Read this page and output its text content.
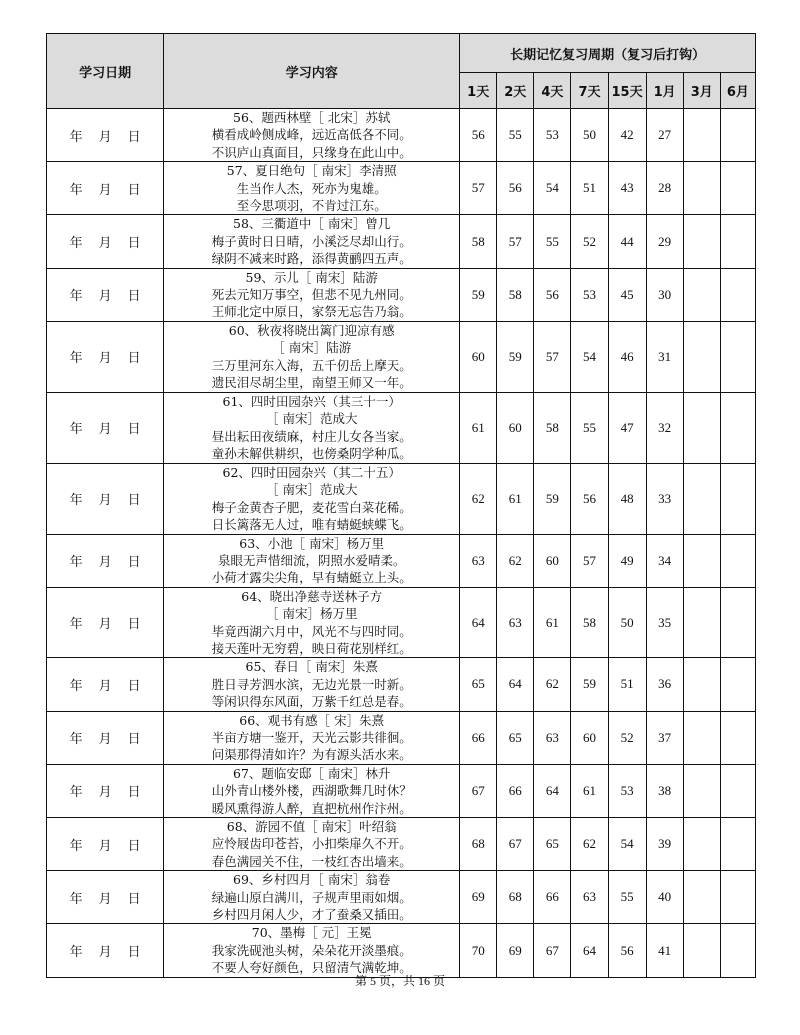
学习日期	学习内容	长期记忆复习周期（复习后打钩）							
		1天	2天	4天	7天	15天	1月	3月	6月
年 月 日	56、题西林壁［ 北宋］苏轼
横看成岭侧成峰，远近高低各不同。
不识庐山真面目，只缘身在此山中。	56	55	53	50	42	27		
年 月 日	57、夏日绝句［ 南宋］李清照
生当作人杰，死亦为鬼雄。
至今思项羽，不肯过江东。	57	56	54	51	43	28		
年 月 日	58、三衢道中［ 南宋］曾几
梅子黄时日日晴，小溪泛尽却山行。
绿阴不减来时路，添得黄鹂四五声。	58	57	55	52	44	29		
年 月 日	59、示儿［ 南宋］陆游
死去元知万事空，但悲不见九州同。
王师北定中原日，家祭无忘告乃翁。	59	58	56	53	45	30		
年 月 日	60、秋夜将晓出篱门迎凉有感
［ 南宋］陆游
三万里河东入海，五千仞岳上摩天。
遗民泪尽胡尘里，南望王师又一年。	60	59	57	54	46	31		
年 月 日	61、四时田园杂兴（其三十一）
［ 南宋］范成大
昼出耘田夜绩麻，村庄儿女各当家。
童孙未解供耕织，也傍桑阴学种瓜。	61	60	58	55	47	32		
年 月 日	62、四时田园杂兴（其二十五）
［ 南宋］范成大
梅子金黄杏子肥，麦花雪白菜花稀。
日长篱落无人过，唯有蜻蜓蛱蝶飞。	62	61	59	56	48	33		
年 月 日	63、小池［ 南宋］杨万里
泉眼无声惜细流，阴照水爱晴柔。
小荷才露尖尖角，早有蜻蜓立上头。	63	62	60	57	49	34		
年 月 日	64、晓出净慈寺送林子方
［ 南宋］杨万里
毕竟西湖六月中，风光不与四时同。
接天莲叶无穷碧，映日荷花别样红。	64	63	61	58	50	35		
年 月 日	65、春日［ 南宋］朱熹
胜日寻芳泗水滨，无边光景一时新。
等闲识得东风面，万紫千红总是春。	65	64	62	59	51	36		
年 月 日	66、观书有感［ 宋］朱熹
半亩方塘一鉴开，天光云影共徘徊。
问渠那得清如许？为有源头活水来。	66	65	63	60	52	37		
年 月 日	67、题临安邸［ 南宋］林升
山外青山楼外楼，西湖歌舞几时休？
暖风熏得游人醉，直把杭州作汴州。	67	66	64	61	53	38		
年 月 日	68、游园不值［ 南宋］叶绍翁
应怜屐齿印苍苔，小扣柴扉久不开。
春色满园关不住，一枝红杏出墙来。	68	67	65	62	54	39		
年 月 日	69、乡村四月［ 南宋］翁卷
绿遍山原白满川，子规声里雨如烟。
乡村四月闲人少，才了蚕桑又插田。	69	68	66	63	55	40		
年 月 日	70、墨梅［ 元］王冕
我家洗砚池头树，朵朵花开淡墨痕。
不要人夸好颜色，只留清气满乾坤。	70	69	67	64	56	41		
第 5 页，共 16 页
